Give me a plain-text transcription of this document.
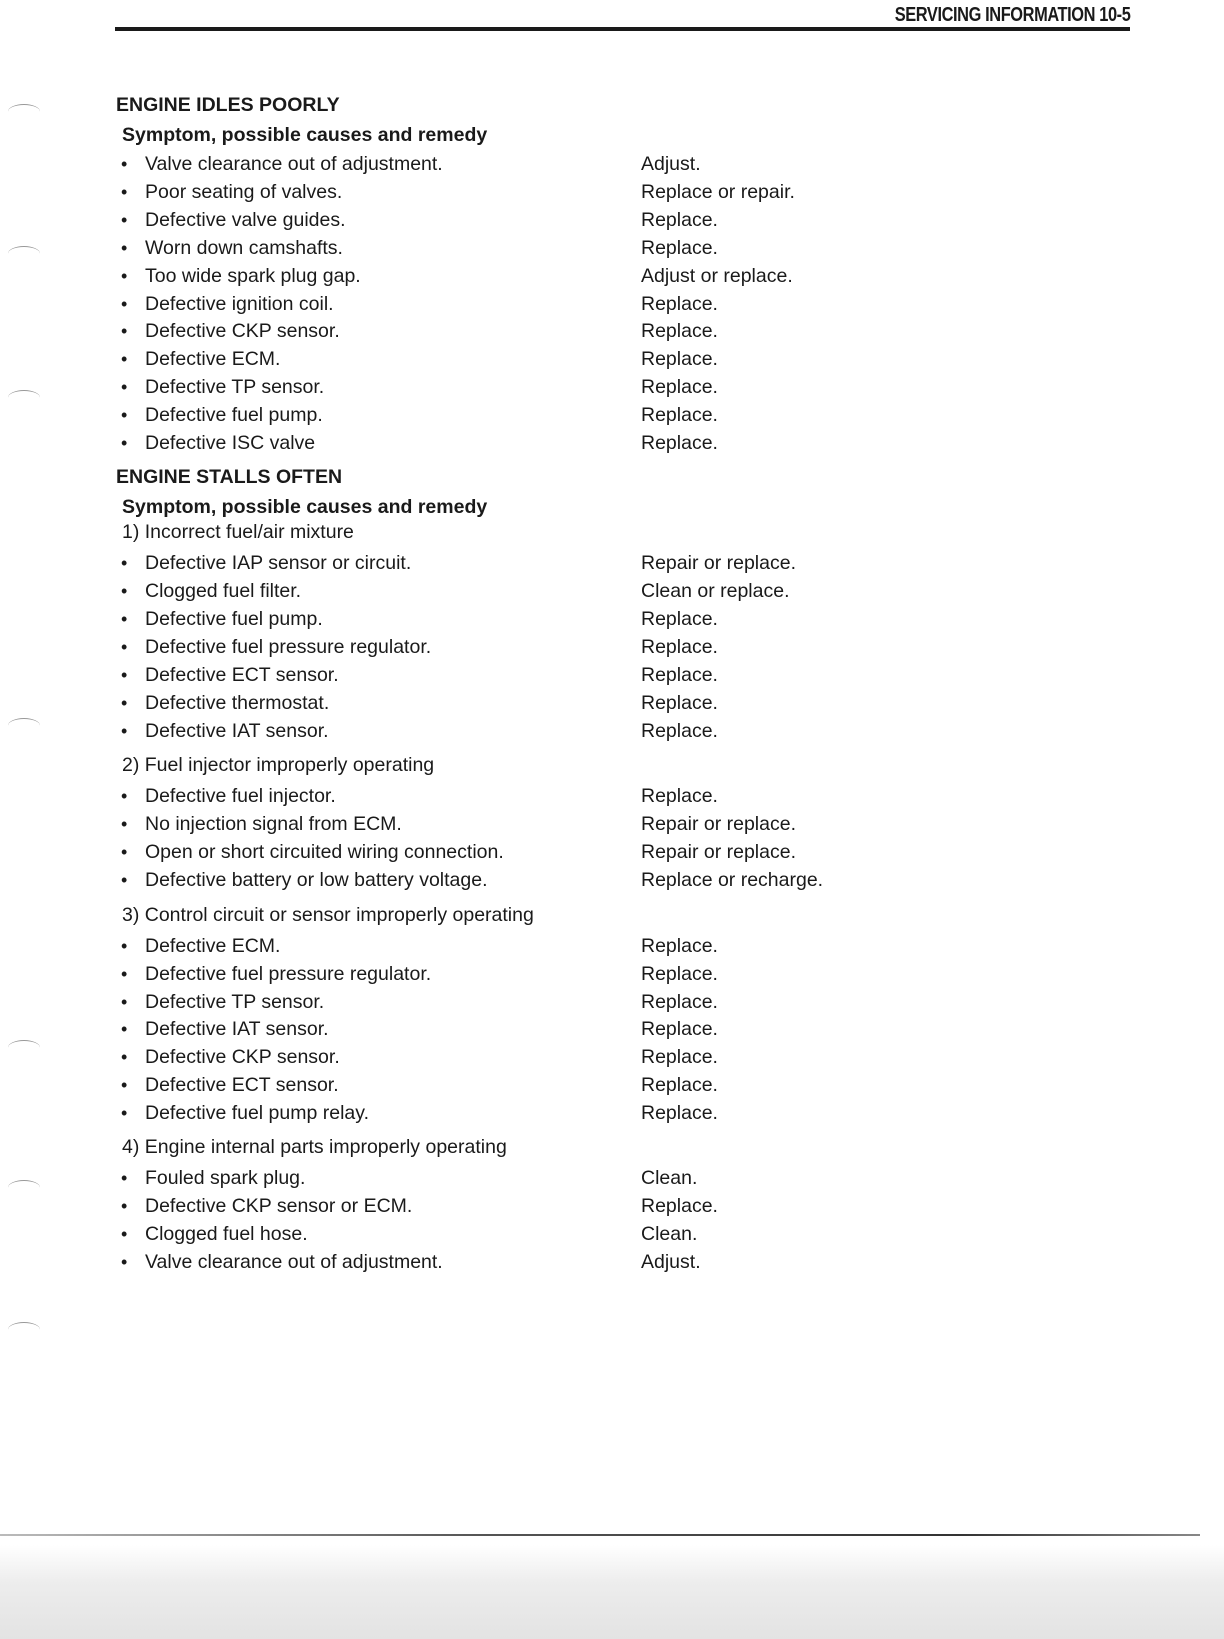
SERVICING INFORMATION 10-5
ENGINE IDLES POORLY
Symptom, possible causes and remedy
• Valve clearance out of adjustment.	Adjust.
• Poor seating of valves.	Replace or repair.
• Defective valve guides.	Replace.
• Worn down camshafts.	Replace.
• Too wide spark plug gap.	Adjust or replace.
• Defective ignition coil.	Replace.
• Defective CKP sensor.	Replace.
• Defective ECM.	Replace.
• Defective TP sensor.	Replace.
• Defective fuel pump.	Replace.
• Defective ISC valve	Replace.
ENGINE STALLS OFTEN
Symptom, possible causes and remedy
1) Incorrect fuel/air mixture
• Defective IAP sensor or circuit.	Repair or replace.
• Clogged fuel filter.	Clean or replace.
• Defective fuel pump.	Replace.
• Defective fuel pressure regulator.	Replace.
• Defective ECT sensor.	Replace.
• Defective thermostat.	Replace.
• Defective IAT sensor.	Replace.
2) Fuel injector improperly operating
• Defective fuel injector.	Replace.
• No injection signal from ECM.	Repair or replace.
• Open or short circuited wiring connection.	Repair or replace.
• Defective battery or low battery voltage.	Replace or recharge.
3) Control circuit or sensor improperly operating
• Defective ECM.	Replace.
• Defective fuel pressure regulator.	Replace.
• Defective TP sensor.	Replace.
• Defective IAT sensor.	Replace.
• Defective CKP sensor.	Replace.
• Defective ECT sensor.	Replace.
• Defective fuel pump relay.	Replace.
4) Engine internal parts improperly operating
• Fouled spark plug.	Clean.
• Defective CKP sensor or ECM.	Replace.
• Clogged fuel hose.	Clean.
• Valve clearance out of adjustment.	Adjust.
